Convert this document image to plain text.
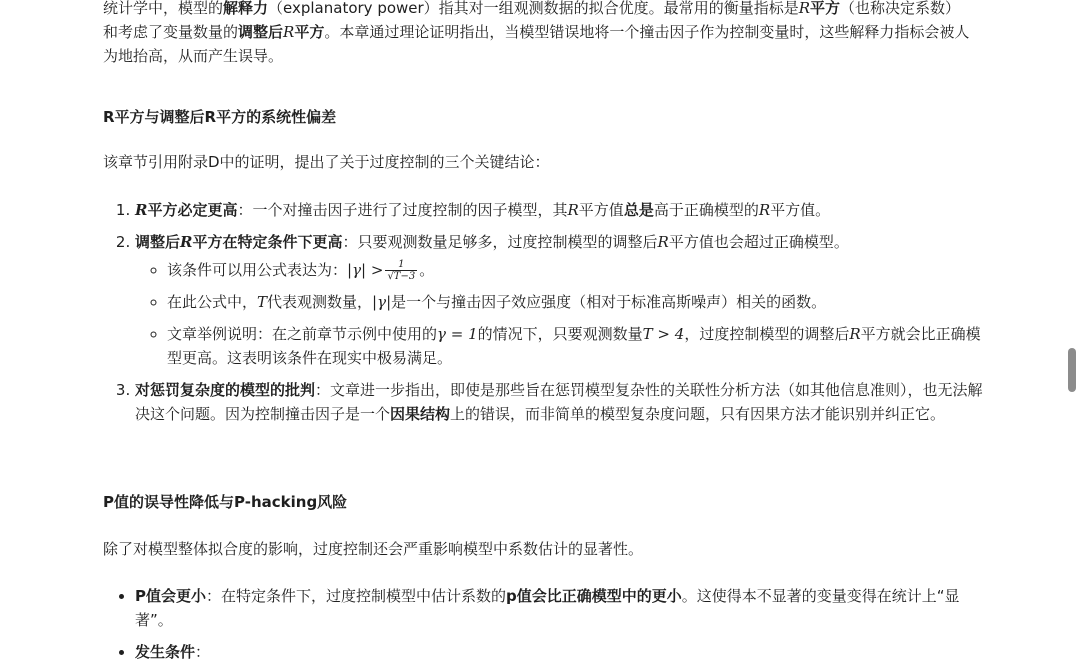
统计学中，模型的解释力（explanatory power）指其对一组观测数据的拟合优度。最常用的衡量指标是R平方（也称决定系数）和考虑了变量数量的调整后R平方。本章通过理论证明指出，当模型错误地将一个撞击因子作为控制变量时，这些解释力指标会被人为地抬高，从而产生误导。

R平方与调整后R平方的系统性偏差

该章节引用附录D中的证明，提出了关于过度控制的三个关键结论：

1. R平方必定更高：一个对撞击因子进行了过度控制的因子模型，其R平方值总是高于正确模型的R平方值。
2. 调整后R平方在特定条件下更高：只要观测数量足够多，过度控制模型的调整后R平方值也会超过正确模型。
◦ 该条件可以用公式表达为：$|\gamma| > \frac{1}{√T-3}$ 。
◦ 在此公式中，T代表观测数量，|γ|是一个与撞击因子效应强度（相对于标准高斯噪声）相关的函数。
◦ 文章举例说明：在之前章节示例中使用的γ = 1的情况下，只要观测数量T > 4，过度控制模型的调整后R平方就会比正确模型更高。这表明该条件在现实中极易满足。
3. 对惩罚复杂度的模型的批判：文章进一步指出，即使是那些旨在惩罚模型复杂性的关联性分析方法（如其他信息准则），也无法解决这个问题。因为控制撞击因子是一个因果结构上的错误，而非简单的模型复杂度问题，只有因果方法才能识别并纠正它。
P值的误导性降低与P-hacking风险

除了对模型整体拟合度的影响，过度控制还会严重影响模型中系数估计的显著性。

• P值会更小：在特定条件下，过度控制模型中估计系数的p值会比正确模型中的更小。这使得本不显著的变量变得在统计上“显著”。
• 发生条件：
